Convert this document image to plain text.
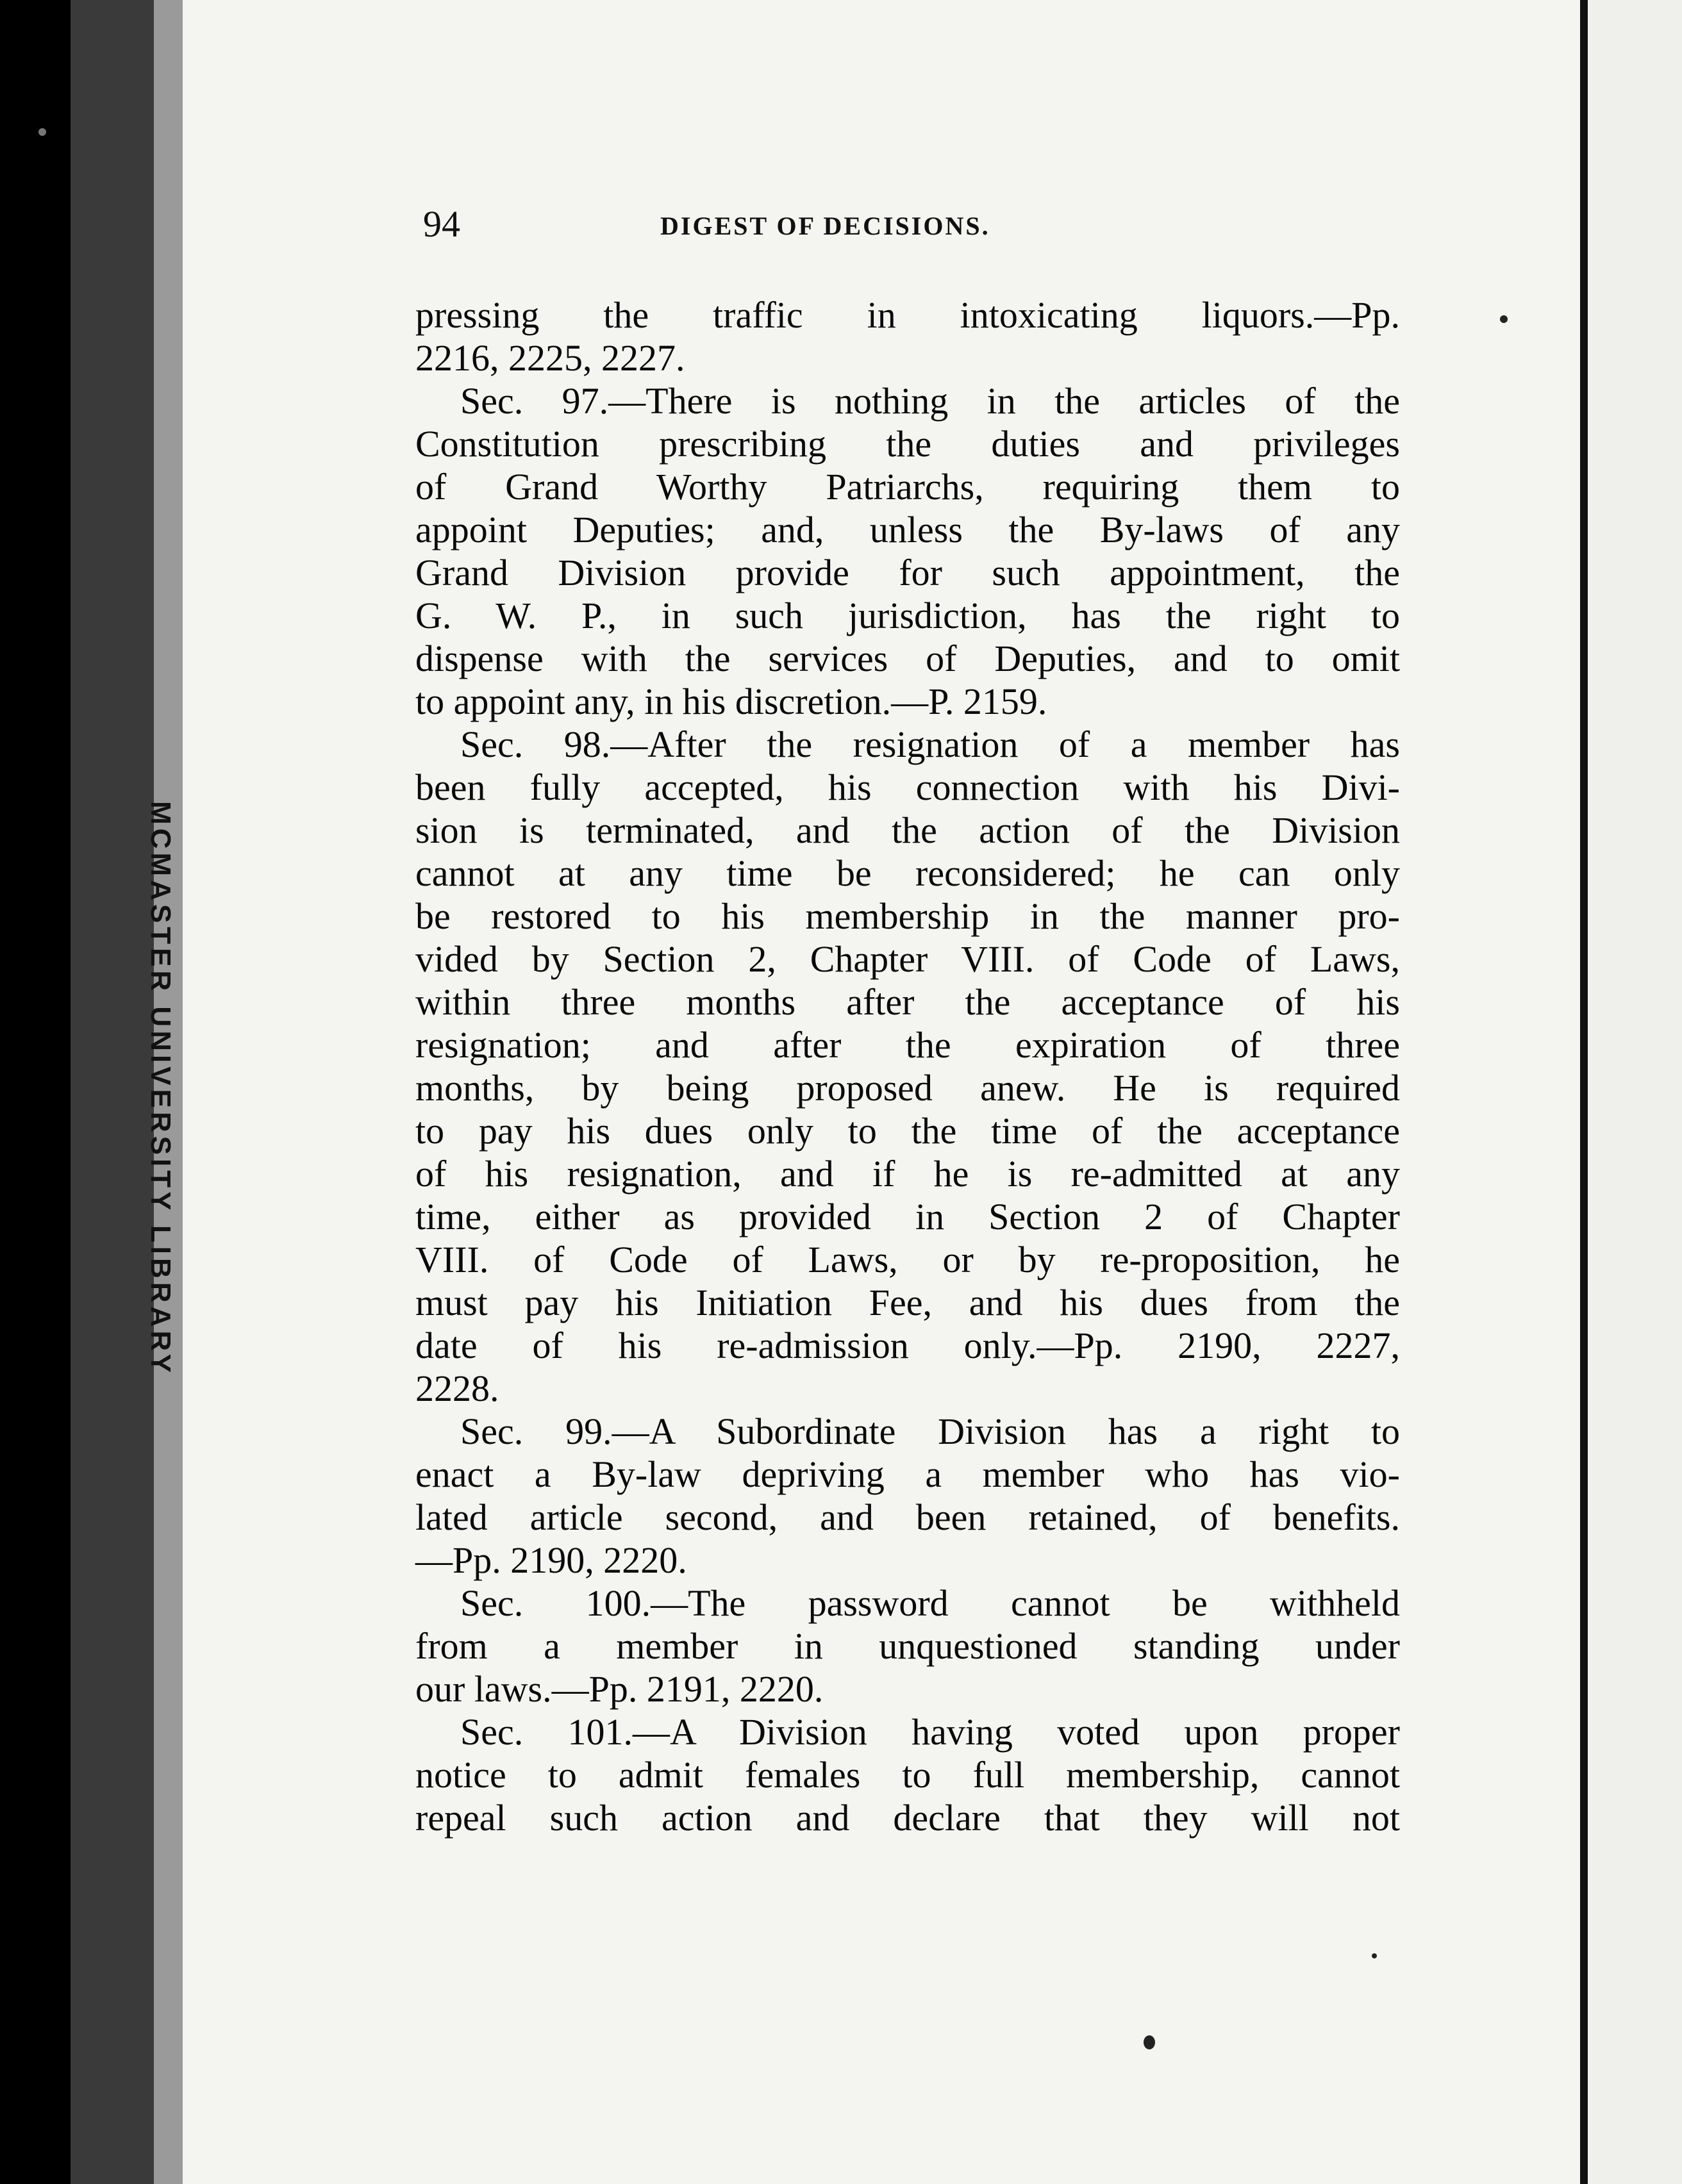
MCMASTER UNIVERSITY LIBRARY
94	DIGEST OF DECISIONS.
pressing the traffic in intoxicating liquors.—Pp.
2216, 2225, 2227.
Sec. 97.—There is nothing in the articles of the
Constitution prescribing the duties and privileges
of Grand Worthy Patriarchs, requiring them to
appoint Deputies; and, unless the By-laws of any
Grand Division provide for such appointment, the
G. W. P., in such jurisdiction, has the right to
dispense with the services of Deputies, and to omit
to appoint any, in his discretion.—P. 2159.
Sec. 98.—After the resignation of a member has
been fully accepted, his connection with his Divi-
sion is terminated, and the action of the Division
cannot at any time be reconsidered; he can only
be restored to his membership in the manner pro-
vided by Section 2, Chapter VIII. of Code of Laws,
within three months after the acceptance of his
resignation; and after the expiration of three
months, by being proposed anew. He is required
to pay his dues only to the time of the acceptance
of his resignation, and if he is re-admitted at any
time, either as provided in Section 2 of Chapter
VIII. of Code of Laws, or by re-proposition, he
must pay his Initiation Fee, and his dues from the
date of his re-admission only.—Pp. 2190, 2227,
2228.
Sec. 99.—A Subordinate Division has a right to
enact a By-law depriving a member who has vio-
lated article second, and been retained, of benefits.
—Pp. 2190, 2220.
Sec. 100.—The password cannot be withheld
from a member in unquestioned standing under
our laws.—Pp. 2191, 2220.
Sec. 101.—A Division having voted upon proper
notice to admit females to full membership, cannot
repeal such action and declare that they will not
